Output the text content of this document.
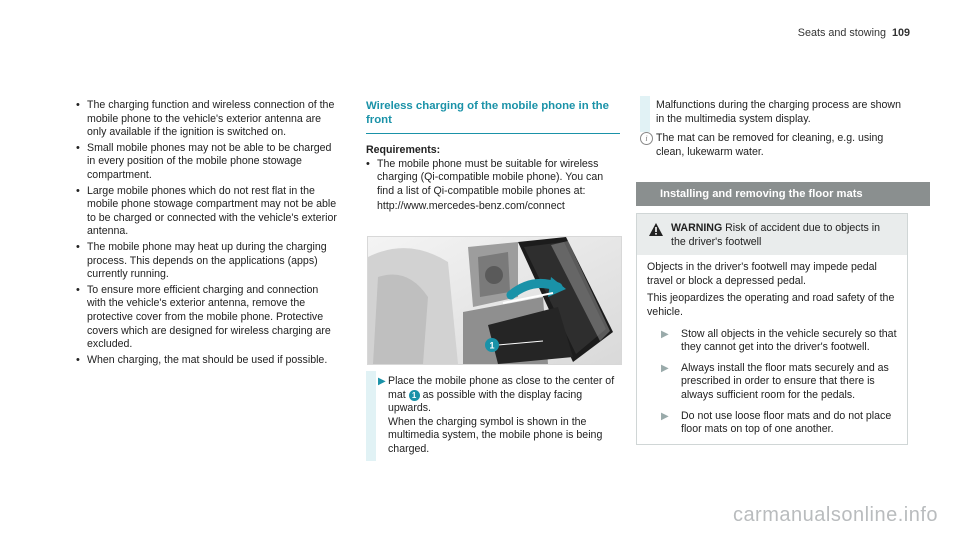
Seats and stowing 109
• The charging function and wireless connection of the mobile phone to the vehicle's exterior antenna are only available if the ignition is switched on.
• Small mobile phones may not be able to be charged in every position of the mobile phone stowage compartment.
• Large mobile phones which do not rest flat in the mobile phone stowage compartment may not be able to be charged or connected with the vehicle's exterior antenna.
• The mobile phone may heat up during the charging process. This depends on the applications (apps) currently running.
• To ensure more efficient charging and connection with the vehicle's exterior antenna, remove the protective cover from the mobile phone. Protective covers which are designed for wireless charging are excluded.
• When charging, the mat should be used if possible.
Wireless charging of the mobile phone in the front
Requirements:
• The mobile phone must be suitable for wireless charging (Qi-compatible mobile phone). You can find a list of Qi-compatible mobile phones at:
http://www.mercedes-benz.com/connect
1
▶ Place the mobile phone as close to the center of mat 1 as possible with the display facing upwards.
When the charging symbol is shown in the multimedia system, the mobile phone is being charged.
Malfunctions during the charging process are shown in the multimedia system display.
i The mat can be removed for cleaning, e.g. using clean, lukewarm water.
Installing and removing the floor mats
WARNING Risk of accident due to objects in the driver's footwell
Objects in the driver's footwell may impede pedal travel or block a depressed pedal.
This jeopardizes the operating and road safety of the vehicle.
▶ Stow all objects in the vehicle securely so that they cannot get into the driver's footwell.
▶ Always install the floor mats securely and as prescribed in order to ensure that there is always sufficient room for the pedals.
▶ Do not use loose floor mats and do not place floor mats on top of one another.
carmanualsonline.info
